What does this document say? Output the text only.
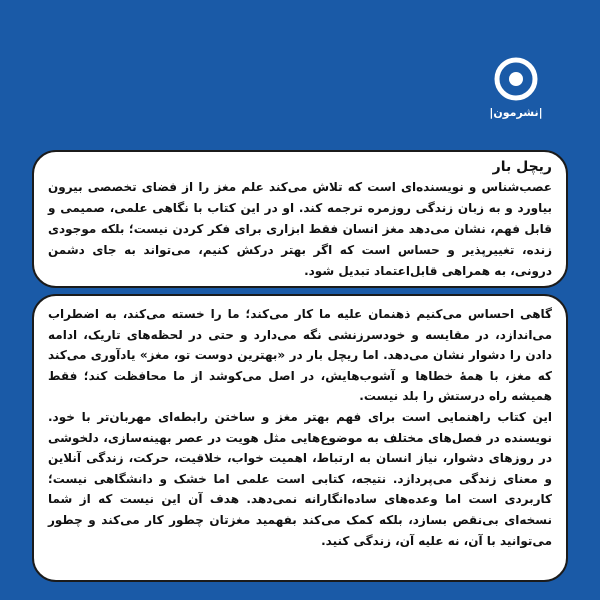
|نشرمون|
ریچل بار

عصب‌شناس و نویسنده‌ای است که تلاش می‌کند علم مغز را از فضای تخصصی بیرون بیاورد و به زبان زندگی روزمره ترجمه کند. او در این کتاب با نگاهی علمی، صمیمی و قابل فهم، نشان می‌دهد مغز انسان فقط ابزاری برای فکر کردن نیست؛ بلکه موجودی زنده، تغییرپذیر و حساس است که اگر بهتر درکش کنیم، می‌تواند به جای دشمن درونی، به همراهی قابل‌اعتماد تبدیل شود.

گاهی احساس می‌کنیم ذهنمان علیه ما کار می‌کند؛ ما را خسته می‌کند، به اضطراب می‌اندازد، در مقایسه و خودسرزنشی نگه می‌دارد و حتی در لحظه‌های تاریک، ادامه دادن را دشوار نشان می‌دهد. اما ریچل بار در «بهترین دوست تو، مغز» یادآوری می‌کند که مغز، با همهٔ خطاها و آشوب‌هایش، در اصل می‌کوشد از ما محافظت کند؛ فقط همیشه راه درستش را بلد نیست.

این کتاب راهنمایی است برای فهم بهتر مغز و ساختن رابطه‌ای مهربان‌تر با خود. نویسنده در فصل‌های مختلف به موضوع‌هایی مثل هویت در عصر بهینه‌سازی، دلخوشی در روزهای دشوار، نیاز انسان به ارتباط، اهمیت خواب، خلاقیت، حرکت، زندگی آنلاین و معنای زندگی می‌پردازد. نتیجه، کتابی است علمی اما خشک و دانشگاهی نیست؛ کاربردی است اما وعده‌های ساده‌انگارانه نمی‌دهد. هدف آن این نیست که از شما نسخه‌ای بی‌نقص بسازد، بلکه کمک می‌کند بفهمید مغزتان چطور کار می‌کند و چطور می‌توانید با آن، نه علیه آن، زندگی کنید.
